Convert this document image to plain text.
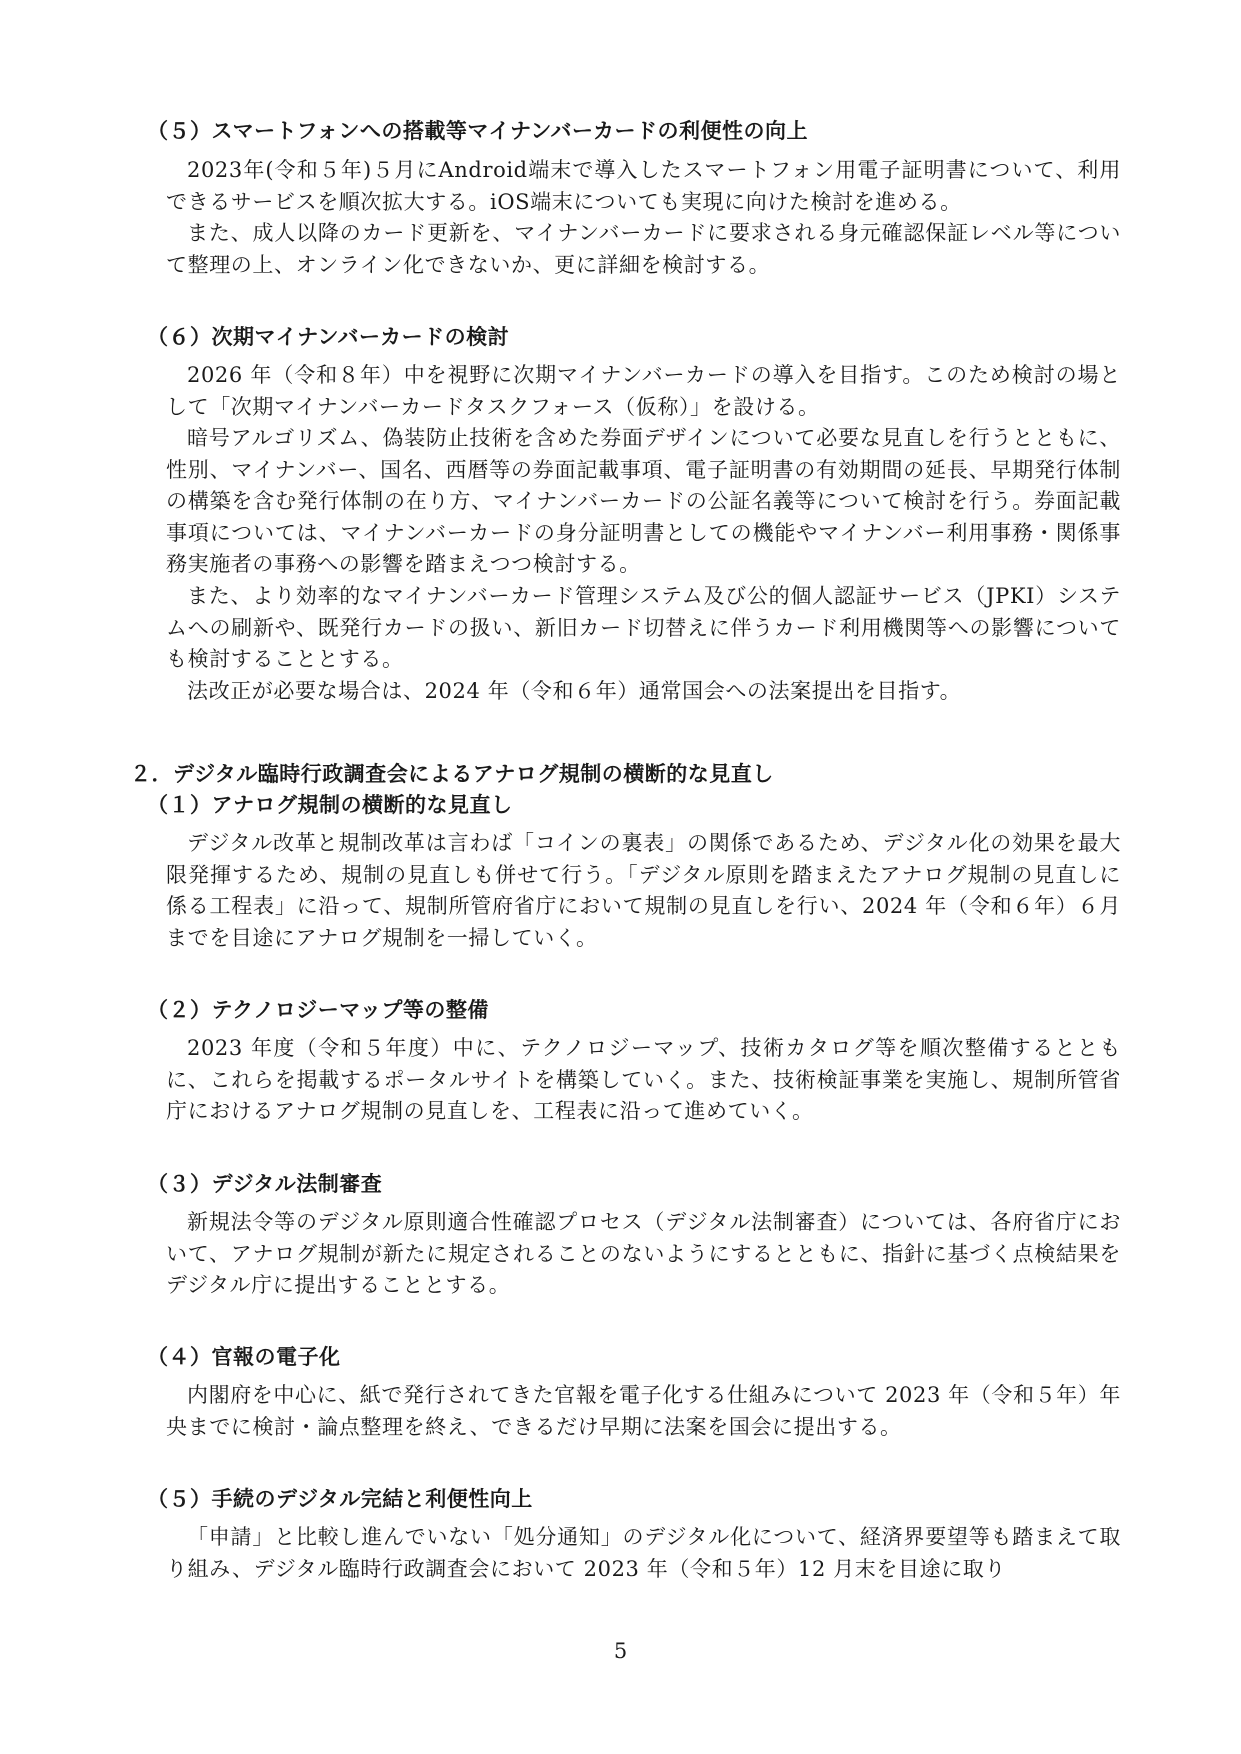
（５）スマートフォンへの搭載等マイナンバーカードの利便性の向上

2023年(令和５年)５月にAndroid端末で導入したスマートフォン用電子証明書について、利用できるサービスを順次拡大する。iOS端末についても実現に向けた検討を進める。

また、成人以降のカード更新を、マイナンバーカードに要求される身元確認保証レベル等について整理の上、オンライン化できないか、更に詳細を検討する。

（６）次期マイナンバーカードの検討

2026 年（令和８年）中を視野に次期マイナンバーカードの導入を目指す。このため検討の場として「次期マイナンバーカードタスクフォース（仮称）」を設ける。

暗号アルゴリズム、偽装防止技術を含めた券面デザインについて必要な見直しを行うとともに、性別、マイナンバー、国名、西暦等の券面記載事項、電子証明書の有効期間の延長、早期発行体制の構築を含む発行体制の在り方、マイナンバーカードの公証名義等について検討を行う。券面記載事項については、マイナンバーカードの身分証明書としての機能やマイナンバー利用事務・関係事務実施者の事務への影響を踏まえつつ検討する。

また、より効率的なマイナンバーカード管理システム及び公的個人認証サービス（JPKI）システムへの刷新や、既発行カードの扱い、新旧カード切替えに伴うカード利用機関等への影響についても検討することとする。

法改正が必要な場合は、2024 年（令和６年）通常国会への法案提出を目指す。

２．デジタル臨時行政調査会によるアナログ規制の横断的な見直し
（１）アナログ規制の横断的な見直し

デジタル改革と規制改革は言わば「コインの裏表」の関係であるため、デジタル化の効果を最大限発揮するため、規制の見直しも併せて行う。「デジタル原則を踏まえたアナログ規制の見直しに係る工程表」に沿って、規制所管府省庁において規制の見直しを行い、2024 年（令和６年）６月までを目途にアナログ規制を一掃していく。

（２）テクノロジーマップ等の整備

2023 年度（令和５年度）中に、テクノロジーマップ、技術カタログ等を順次整備するとともに、これらを掲載するポータルサイトを構築していく。また、技術検証事業を実施し、規制所管省庁におけるアナログ規制の見直しを、工程表に沿って進めていく。

（３）デジタル法制審査

新規法令等のデジタル原則適合性確認プロセス（デジタル法制審査）については、各府省庁において、アナログ規制が新たに規定されることのないようにするとともに、指針に基づく点検結果をデジタル庁に提出することとする。

（４）官報の電子化

内閣府を中心に、紙で発行されてきた官報を電子化する仕組みについて 2023 年（令和５年）年央までに検討・論点整理を終え、できるだけ早期に法案を国会に提出する。

（５）手続のデジタル完結と利便性向上

「申請」と比較し進んでいない「処分通知」のデジタル化について、経済界要望等も踏まえて取り組み、デジタル臨時行政調査会において 2023 年（令和５年）12 月末を目途に取り

5
